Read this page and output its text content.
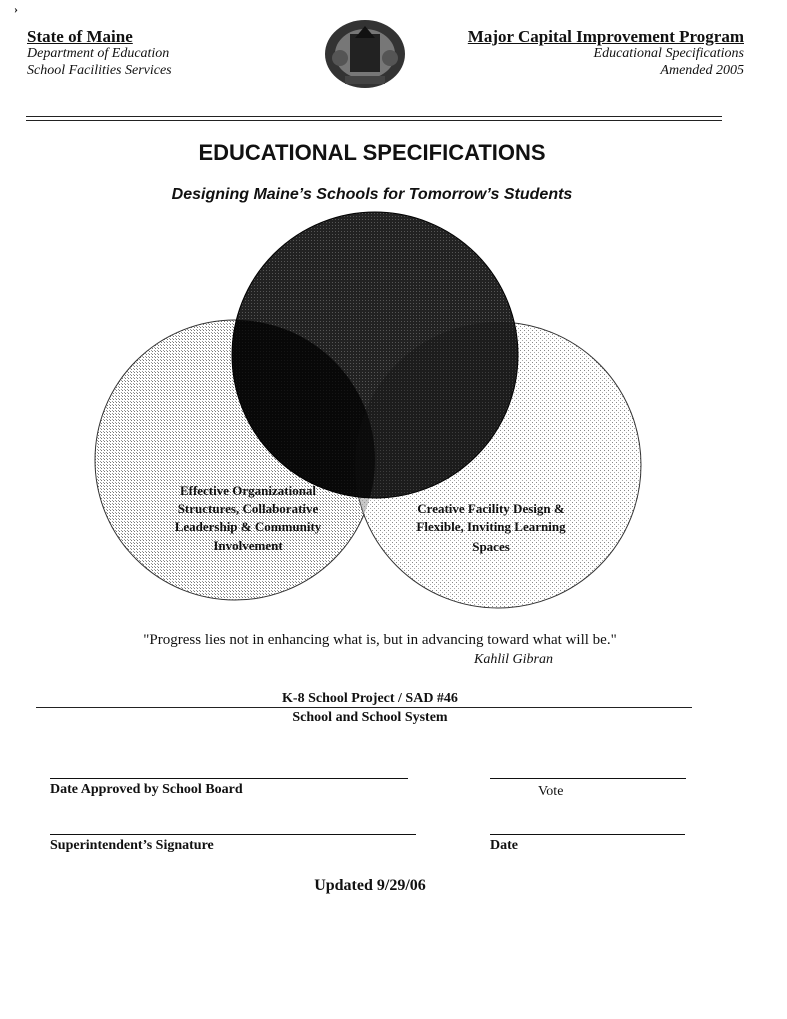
›
State of Maine
Department of Education
School Facilities Services
Major Capital Improvement Program
Educational Specifications
Amended 2005
EDUCATIONAL SPECIFICATIONS
Designing Maine’s Schools for Tomorrow’s Students
Effective Organizational
Structures, Collaborative
Leadership & Community
Involvement
Creative Facility Design &
Flexible, Inviting Learning
Spaces
"Progress lies not in enhancing what is, but in advancing toward what will be."
Kahlil Gibran
K-8 School Project / SAD #46
School and School System
Date Approved by School Board	Vote
Superintendent’s Signature	Date
Updated 9/29/06
